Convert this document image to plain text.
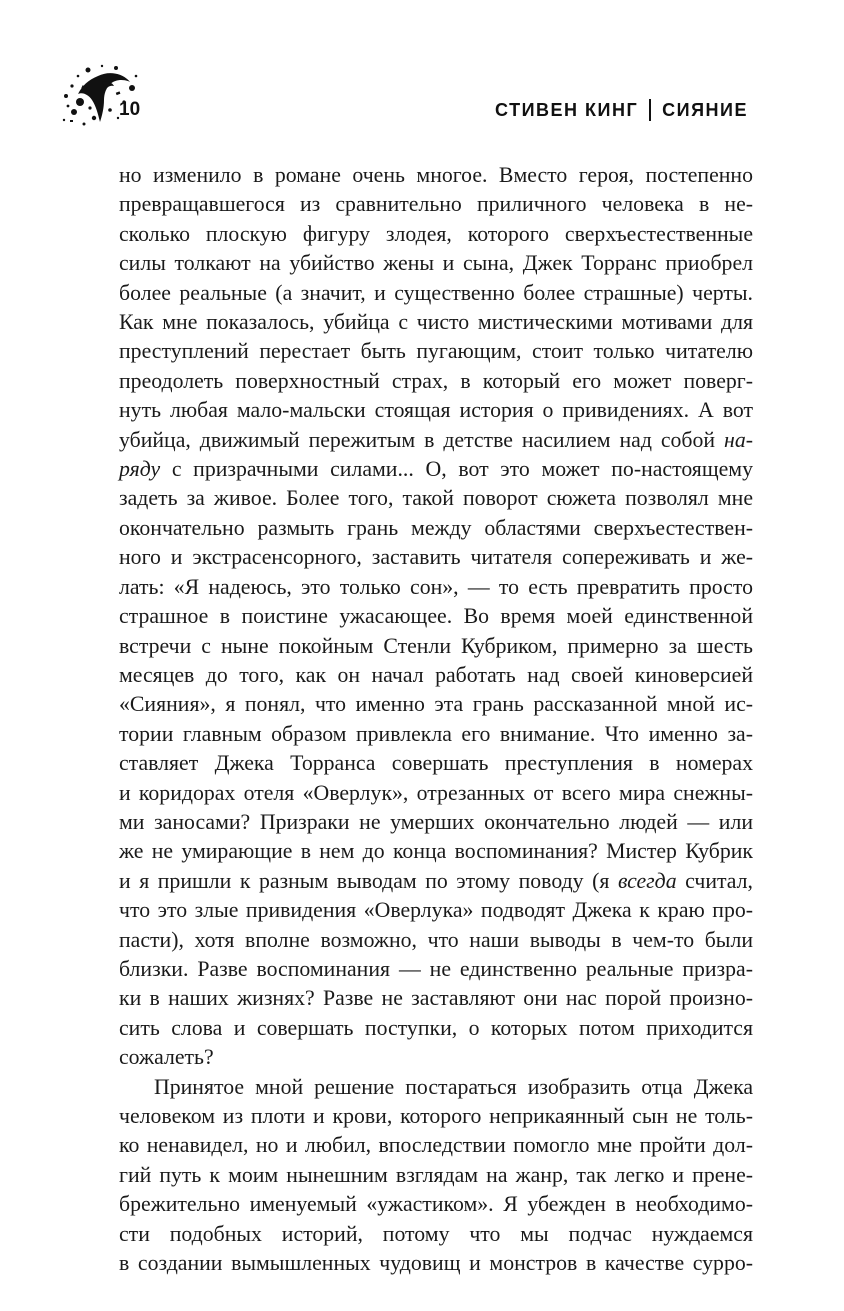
10	СТИВЕН КИНГ СИЯНИЕ
но изменило в романе очень многое. Вместо героя, постепенно
превращавшегося из сравнительно приличного человека в не-
сколько плоскую фигуру злодея, которого сверхъестественные
силы толкают на убийство жены и сына, Джек Торранс приобрел
более реальные (а значит, и существенно более страшные) черты.
Как мне показалось, убийца с чисто мистическими мотивами для
преступлений перестает быть пугающим, стоит только читателю
преодолеть поверхностный страх, в который его может поверг-
нуть любая мало-мальски стоящая история о привидениях. А вот
убийца, движимый пережитым в детстве насилием над собой на-
ряду с призрачными силами... О, вот это может по-настоящему
задеть за живое. Более того, такой поворот сюжета позволял мне
окончательно размыть грань между областями сверхъестествен-
ного и экстрасенсорного, заставить читателя сопереживать и же-
лать: «Я надеюсь, это только сон», — то есть превратить просто
страшное в поистине ужасающее. Во время моей единственной
встречи с ныне покойным Стенли Кубриком, примерно за шесть
месяцев до того, как он начал работать над своей киноверсией
«Сияния», я понял, что именно эта грань рассказанной мной ис-
тории главным образом привлекла его внимание. Что именно за-
ставляет Джека Торранса совершать преступления в номерах
и коридорах отеля «Оверлук», отрезанных от всего мира снежны-
ми заносами? Призраки не умерших окончательно людей — или
же не умирающие в нем до конца воспоминания? Мистер Кубрик
и я пришли к разным выводам по этому поводу (я всегда считал,
что это злые привидения «Оверлука» подводят Джека к краю про-
пасти), хотя вполне возможно, что наши выводы в чем-то были
близки. Разве воспоминания — не единственно реальные призра-
ки в наших жизнях? Разве не заставляют они нас порой произно-
сить слова и совершать поступки, о которых потом приходится
сожалеть?
Принятое мной решение постараться изобразить отца Джека
человеком из плоти и крови, которого неприкаянный сын не толь-
ко ненавидел, но и любил, впоследствии помогло мне пройти дол-
гий путь к моим нынешним взглядам на жанр, так легко и прене-
брежительно именуемый «ужастиком». Я убежден в необходимо-
сти подобных историй, потому что мы подчас нуждаемся
в создании вымышленных чудовищ и монстров в качестве сурро-
